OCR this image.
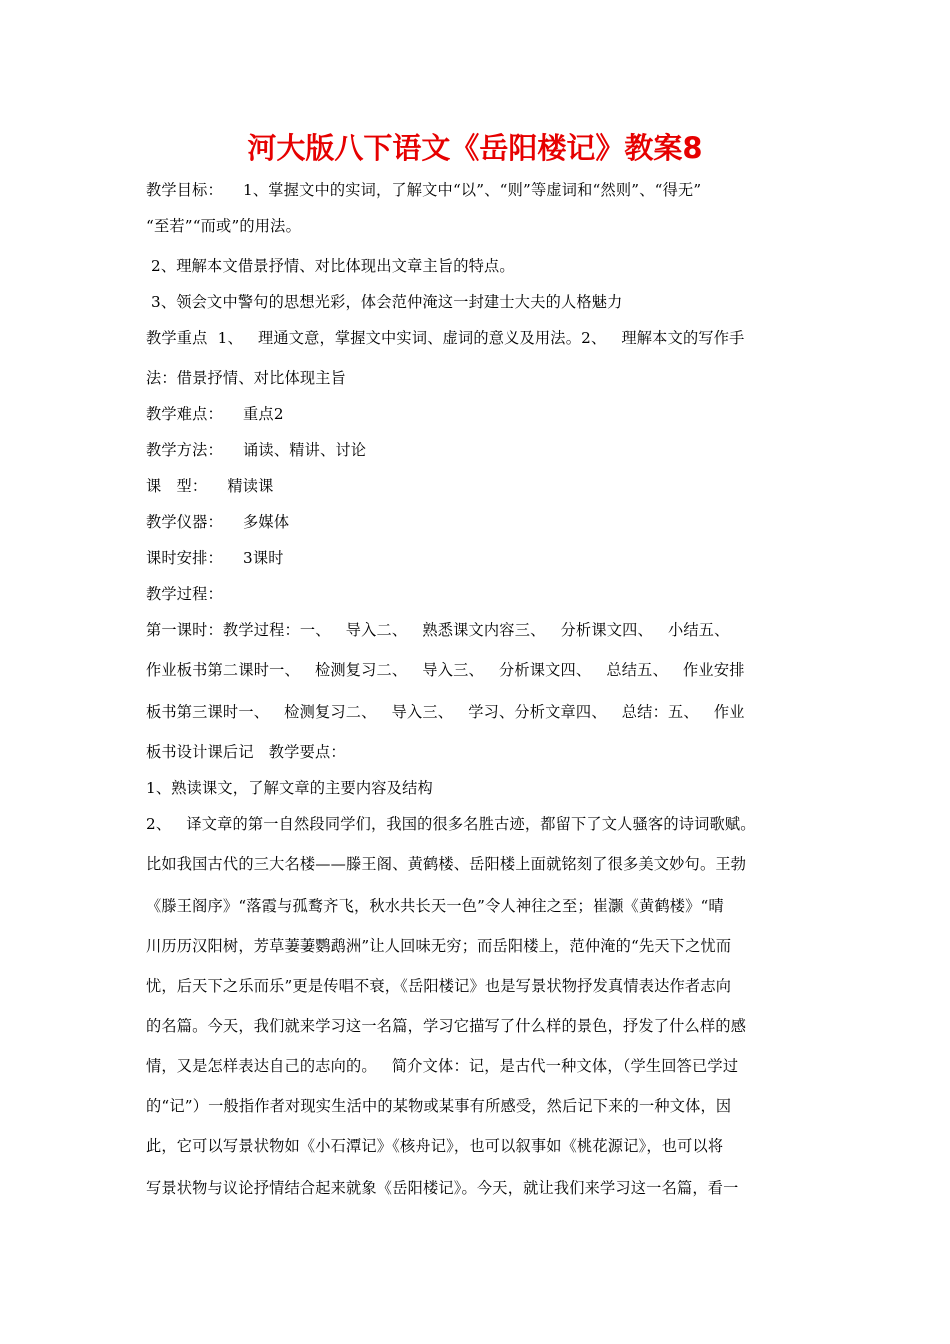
河大版八下语文《岳阳楼记》教案8

教学目标：    1、掌握文中的实词，了解文中“以”、“则”等虚词和“然则”、“得无”

“至若”“而或”的用法。

2、理解本文借景抒情、对比体现出文章主旨的特点。

3、领会文中警句的思想光彩，体会范仲淹这一封建士大夫的人格魅力

教学重点  1、   理通文意，掌握文中实词、虚词的意义及用法。2、   理解本文的写作手

法：借景抒情、对比体现主旨

教学难点：    重点2

教学方法：    诵读、精讲、讨论

课   型：    精读课

教学仪器：    多媒体

课时安排：    3课时

教学过程：

第一课时：教学过程：一、   导入二、   熟悉课文内容三、   分析课文四、   小结五、

作业板书第二课时一、   检测复习二、   导入三、   分析课文四、   总结五、   作业安排

板书第三课时一、   检测复习二、   导入三、   学习、分析文章四、   总结：五、   作业

板书设计课后记   教学要点：

1、熟读课文，了解文章的主要内容及结构

2、   译文章的第一自然段同学们，我国的很多名胜古迹，都留下了文人骚客的诗词歌赋。

比如我国古代的三大名楼——滕王阁、黄鹤楼、岳阳楼上面就铭刻了很多美文妙句。王勃

《滕王阁序》“落霞与孤鹜齐飞，秋水共长天一色”令人神往之至；崔灏《黄鹤楼》“晴

川历历汉阳树，芳草萋萋鹦鹉洲”让人回味无穷；而岳阳楼上，范仲淹的“先天下之忧而

忧，后天下之乐而乐”更是传唱不衰，《岳阳楼记》也是写景状物抒发真情表达作者志向

的名篇。今天，我们就来学习这一名篇，学习它描写了什么样的景色，抒发了什么样的感

情，又是怎样表达自己的志向的。   简介文体：记，是古代一种文体，（学生回答已学过

的“记”）一般指作者对现实生活中的某物或某事有所感受，然后记下来的一种文体，因

此，它可以写景状物如《小石潭记》《核舟记》，也可以叙事如《桃花源记》，也可以将

写景状物与议论抒情结合起来就象《岳阳楼记》。今天，就让我们来学习这一名篇，看一
